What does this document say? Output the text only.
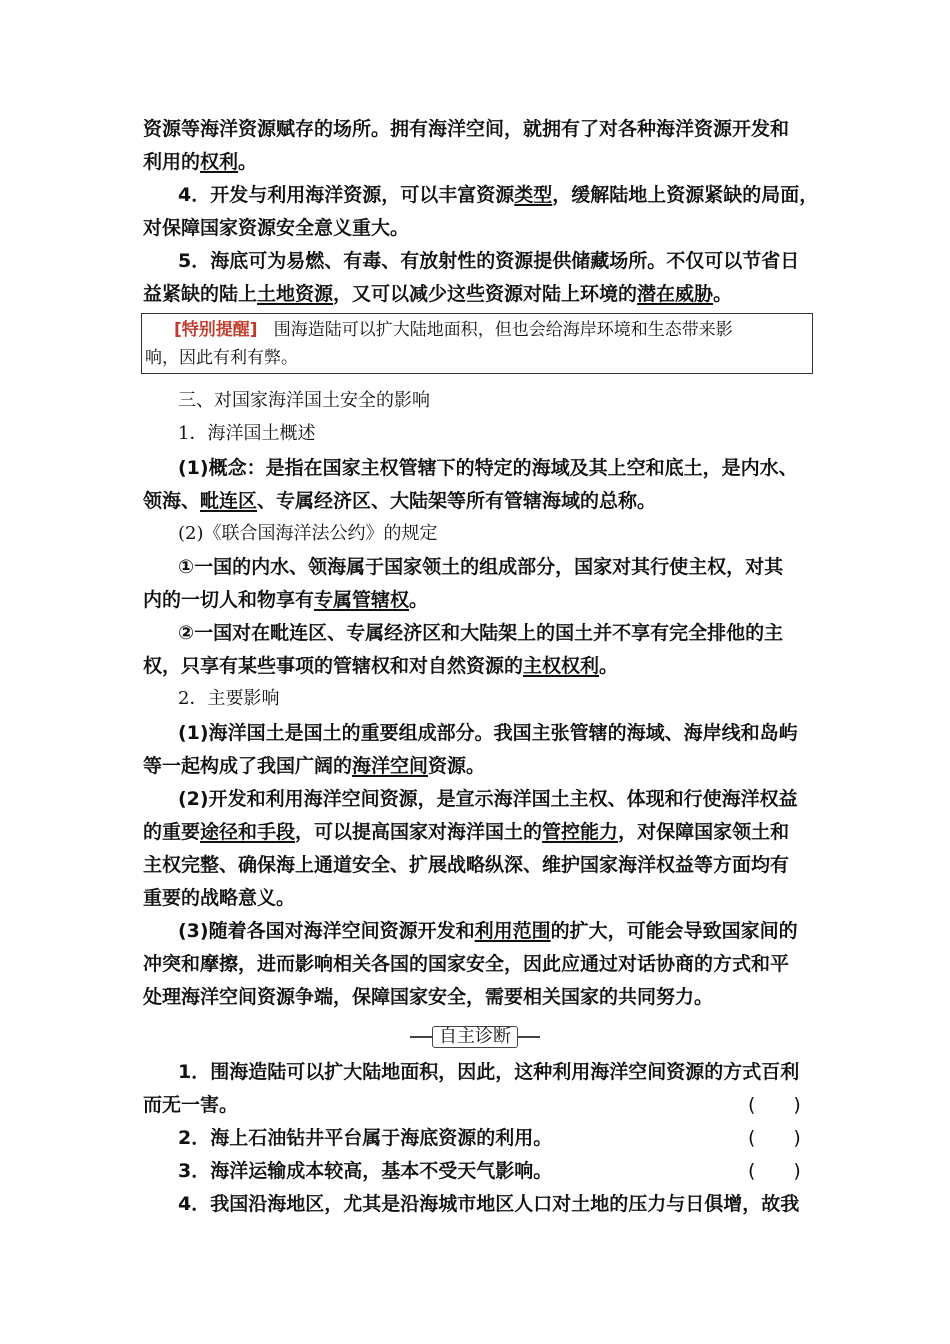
资源等海洋资源赋存的场所。拥有海洋空间，就拥有了对各种海洋资源开发和
利用的权利。
4．开发与利用海洋资源，可以丰富资源类型，缓解陆地上资源紧缺的局面，
对保障国家资源安全意义重大。
5．海底可为易燃、有毒、有放射性的资源提供储藏场所。不仅可以节省日
益紧缺的陆上土地资源，又可以减少这些资源对陆上环境的潜在威胁。
[特别提醒] 围海造陆可以扩大陆地面积，但也会给海岸环境和生态带来影
响，因此有利有弊。
三、对国家海洋国土安全的影响
1．海洋国土概述
(1)概念：是指在国家主权管辖下的特定的海域及其上空和底土，是内水、
领海、毗连区、专属经济区、大陆架等所有管辖海域的总称。
(2)《联合国海洋法公约》的规定
①一国的内水、领海属于国家领土的组成部分，国家对其行使主权，对其
内的一切人和物享有专属管辖权。
②一国对在毗连区、专属经济区和大陆架上的国土并不享有完全排他的主
权，只享有某些事项的管辖权和对自然资源的主权权利。
2．主要影响
(1)海洋国土是国土的重要组成部分。我国主张管辖的海域、海岸线和岛屿
等一起构成了我国广阔的海洋空间资源。
(2)开发和利用海洋空间资源，是宣示海洋国土主权、体现和行使海洋权益
的重要途径和手段，可以提高国家对海洋国土的管控能力，对保障国家领土和
主权完整、确保海上通道安全、扩展战略纵深、维护国家海洋权益等方面均有
重要的战略意义。
(3)随着各国对海洋空间资源开发和利用范围的扩大，可能会导致国家间的
冲突和摩擦，进而影响相关各国的国家安全，因此应通过对话协商的方式和平
处理海洋空间资源争端，保障国家安全，需要相关国家的共同努力。
自主诊断
1．围海造陆可以扩大陆地面积，因此，这种利用海洋空间资源的方式百利
而无一害。	(　　)
2．海上石油钻井平台属于海底资源的利用。	(　　)
3．海洋运输成本较高，基本不受天气影响。	(　　)
4．我国沿海地区，尤其是沿海城市地区人口对土地的压力与日俱增，故我
